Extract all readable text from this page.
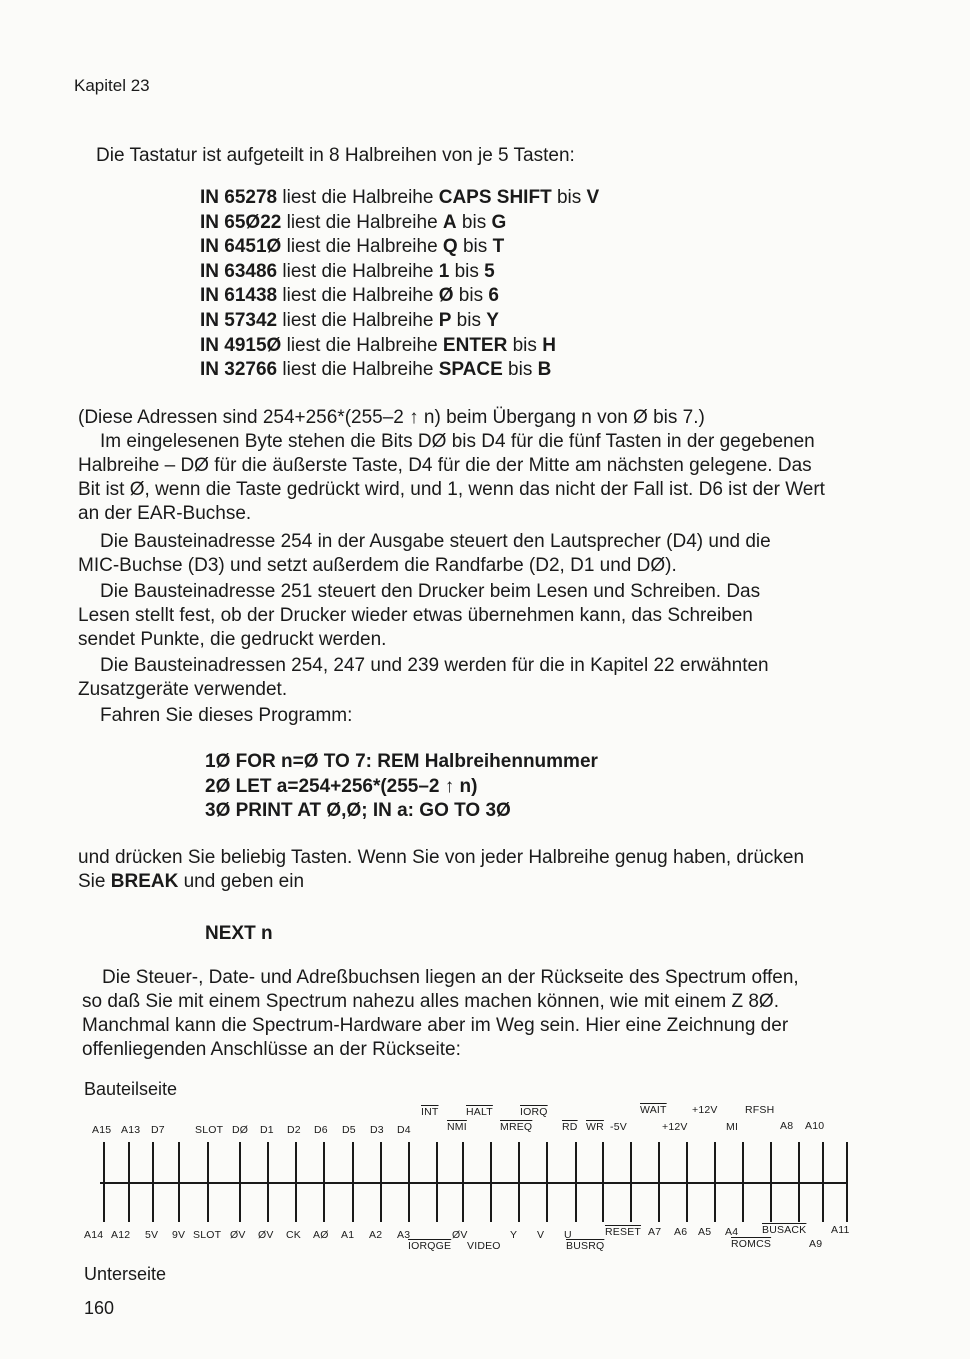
Kapitel 23
Die Tastatur ist aufgeteilt in 8 Halbreihen von je 5 Tasten:
IN 65278 liest die Halbreihe CAPS SHIFT bis V
IN 65Ø22 liest die Halbreihe A bis G
IN 6451Ø liest die Halbreihe Q bis T
IN 63486 liest die Halbreihe 1 bis 5
IN 61438 liest die Halbreihe Ø bis 6
IN 57342 liest die Halbreihe P bis Y
IN 4915Ø liest die Halbreihe ENTER bis H
IN 32766 liest die Halbreihe SPACE bis B
(Diese Adressen sind 254+256*(255–2 ↑ n) beim Übergang n von Ø bis 7.)
Im eingelesenen Byte stehen die Bits DØ bis D4 für die fünf Tasten in der gegebenen
Halbreihe – DØ für die äußerste Taste, D4 für die der Mitte am nächsten gelegene. Das
Bit ist Ø, wenn die Taste gedrückt wird, und 1, wenn das nicht der Fall ist. D6 ist der Wert
an der EAR-Buchse.
Die Bausteinadresse 254 in der Ausgabe steuert den Lautsprecher (D4) und die
MIC-Buchse (D3) und setzt außerdem die Randfarbe (D2, D1 und DØ).
Die Bausteinadresse 251 steuert den Drucker beim Lesen und Schreiben. Das
Lesen stellt fest, ob der Drucker wieder etwas übernehmen kann, das Schreiben
sendet Punkte, die gedruckt werden.
Die Bausteinadressen 254, 247 und 239 werden für die in Kapitel 22 erwähnten
Zusatzgeräte verwendet.
Fahren Sie dieses Programm:
1Ø FOR n=Ø TO 7: REM Halbreihennummer
2Ø LET a=254+256*(255–2 ↑ n)
3Ø PRINT AT Ø,Ø; IN a: GO TO 3Ø
und drücken Sie beliebig Tasten. Wenn Sie von jeder Halbreihe genug haben, drücken
Sie BREAK und geben ein
NEXT n
Die Steuer-, Date- und Adreßbuchsen liegen an der Rückseite des Spectrum offen,
so daß Sie mit einem Spectrum nahezu alles machen können, wie mit einem Z 8Ø.
Manchmal kann die Spectrum-Hardware aber im Weg sein. Hier eine Zeichnung der
offenliegenden Anschlüsse an der Rückseite:
Bauteilseite
$\overline{INT}$	HALT	IORQ	WAIT +12V	RFSH
A15 A13 D7	SLOT DØ D1 D2 D6 D5 D3 D4	$\overline{NMI}$	MREQ	$\overline{RD}$ $\overline{WR}$ -5V	+12V	MI	A8 A10
A14 A12 5V 9V SLOT ØV ØV CK AØ A1 A2 A3	ØV	Y V U	RESET A7 A6 A5 A4 BUSACK A11
IORQGE VIDEO	BUSRQ	ROMCS	A9
Unterseite
160
